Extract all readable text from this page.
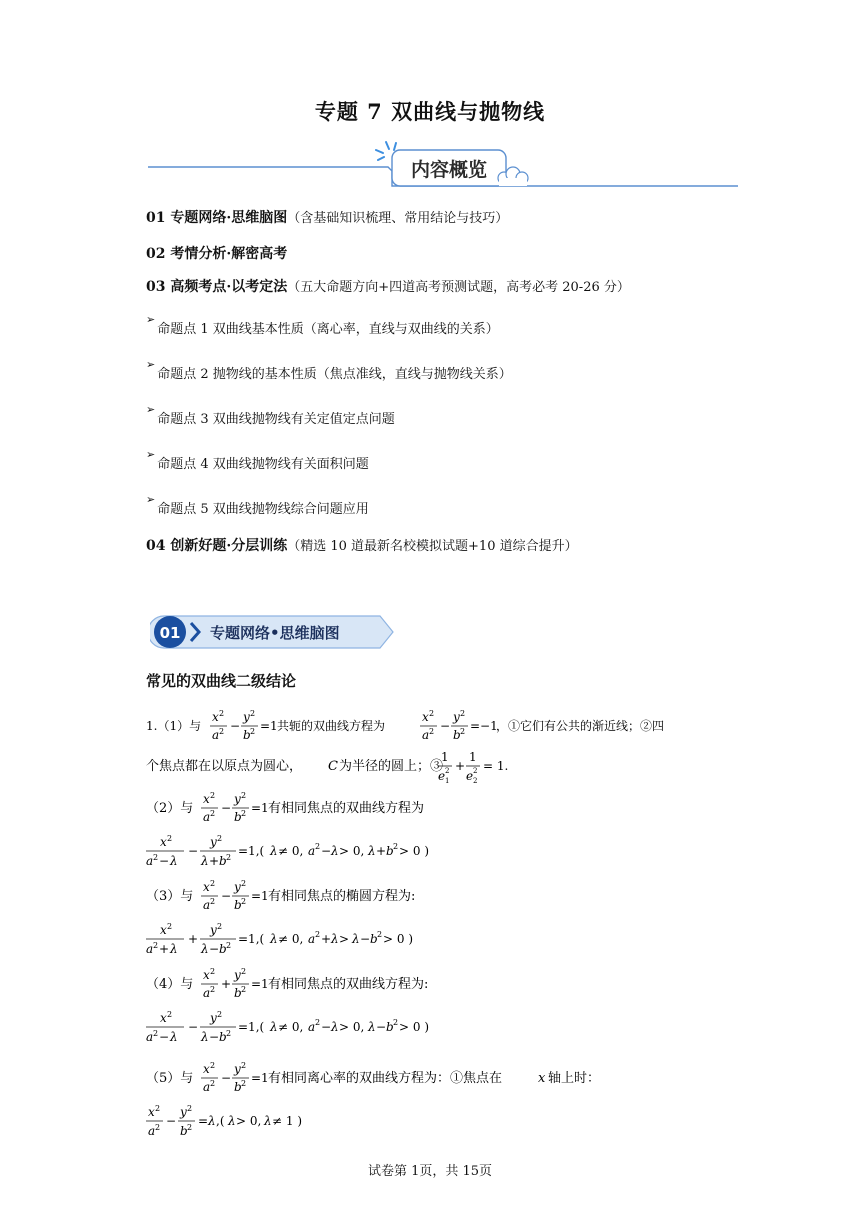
专题 7 双曲线与抛物线
内容概览
01 专题网络·思维脑图（含基础知识梳理、常用结论与技巧）
02 考情分析·解密高考
03 高频考点·以考定法（五大命题方向+四道高考预测试题，高考必考 20-26 分）
➢
命题点 1 双曲线基本性质（离心率，直线与双曲线的关系）
➢
命题点 2 抛物线的基本性质（焦点准线，直线与抛物线关系）
➢
命题点 3 双曲线抛物线有关定值定点问题
➢
命题点 4 双曲线抛物线有关面积问题
➢
命题点 5 双曲线抛物线综合问题应用
04 创新好题·分层训练（精选 10 道最新名校模拟试题+10 道综合提升）
01 专题网络•思维脑图
常见的双曲线二级结论
1.（1）与
x 2
a 2 −
y 2
b 2 =1 共轭的双曲线方程为
x 2
a 2 −
y 2
b 2 =−1
，①它们有公共的渐近线；②四
个焦点都在以原点为圆心， C 为半径的圆上；③
1
e 2
1
+
1
e 2
2
= 1.
（2）与
x 2
a 2 −
y 2
b 2 =1 有相同焦点的双曲线方程为
x 2
a 2 − λ
−
y 2
λ + b 2 =1,( λ ≠ 0, a 2 − λ > 0, λ + b 2 > 0 )
（3）与
x 2
a 2 −
y 2
b 2 =1 有相同焦点的椭圆方程为:
x 2
a 2 + λ
+
y 2
λ − b 2 =1,( λ ≠ 0, a 2 + λ > λ − b 2 > 0 )
（4）与
x 2
a 2 +
y 2
b 2 =1 有相同焦点的双曲线方程为:
x 2
a 2 − λ
−
y 2
λ − b 2 =1,( λ ≠ 0, a 2 − λ > 0, λ − b 2 > 0 )
（5）与
x 2
a 2 −
y 2
b 2 =1 有相同离心率的双曲线方程为：①焦点在	x 轴上时：
x 2
a 2 −
y 2
b 2 = λ ,( λ > 0, λ ≠ 1 )
试卷第 1页，共 15页
